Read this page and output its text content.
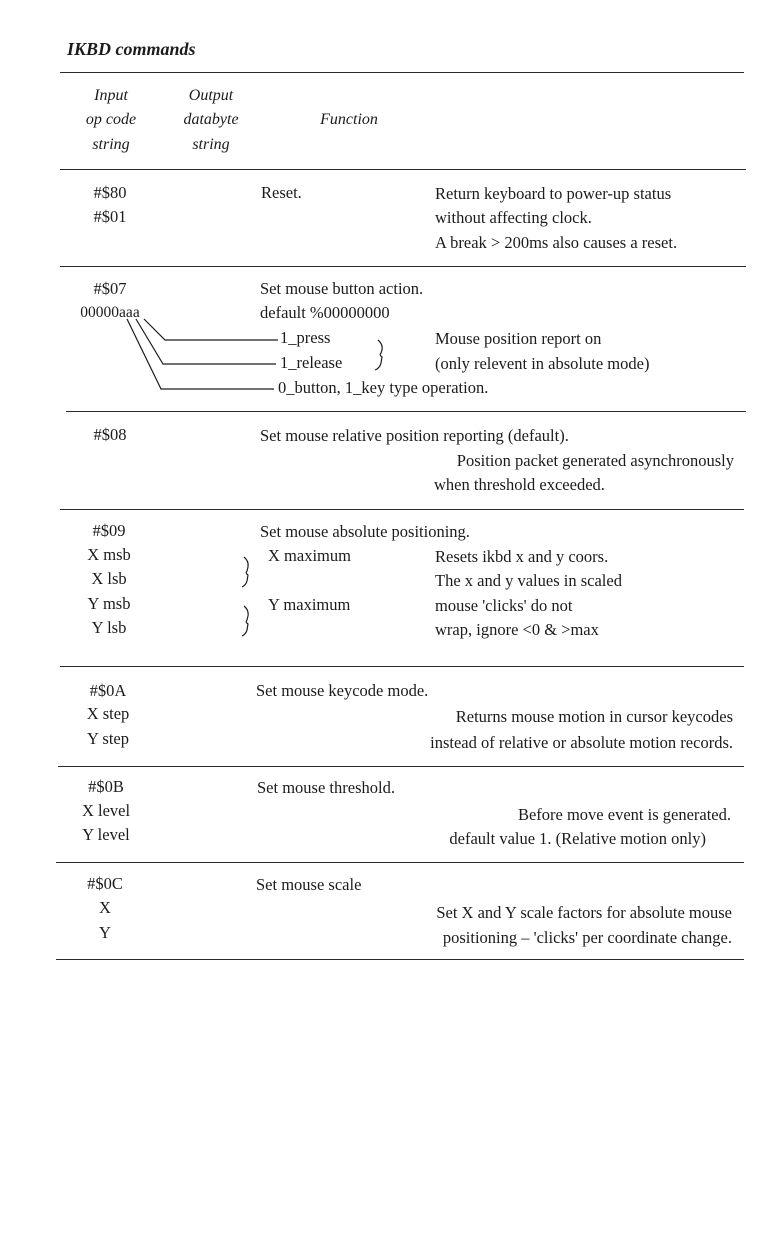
IKBD commands
Input
op code
string
Output
databyte
string
Function
#$80
#$01
Reset.	Return keyboard to power-up status
without affecting clock.
A break > 200ms also causes a reset.
#$07
00000aaa
Set mouse button action.
default %00000000
1_press
1_release
0_button, 1_key type operation.
Mouse position report on
(only relevent in absolute mode)
#$08	Set mouse relative position reporting (default).
Position packet generated asynchronously
when threshold exceeded.
#$09
X msb
X lsb
Y msb
Y lsb
Set mouse absolute positioning.
X maximum
Y maximum
Resets ikbd x and y coors.
The x and y values in scaled
mouse 'clicks' do not
wrap, ignore <0 & >max
#$0A
X step
Y step
Set mouse keycode mode.
Returns mouse motion in cursor keycodes
instead of relative or absolute motion records.
#$0B
X level
Y level
Set mouse threshold.
Before move event is generated.
default value 1. (Relative motion only)
#$0C
X
Y
Set mouse scale
Set X and Y scale factors for absolute mouse
positioning – 'clicks' per coordinate change.
